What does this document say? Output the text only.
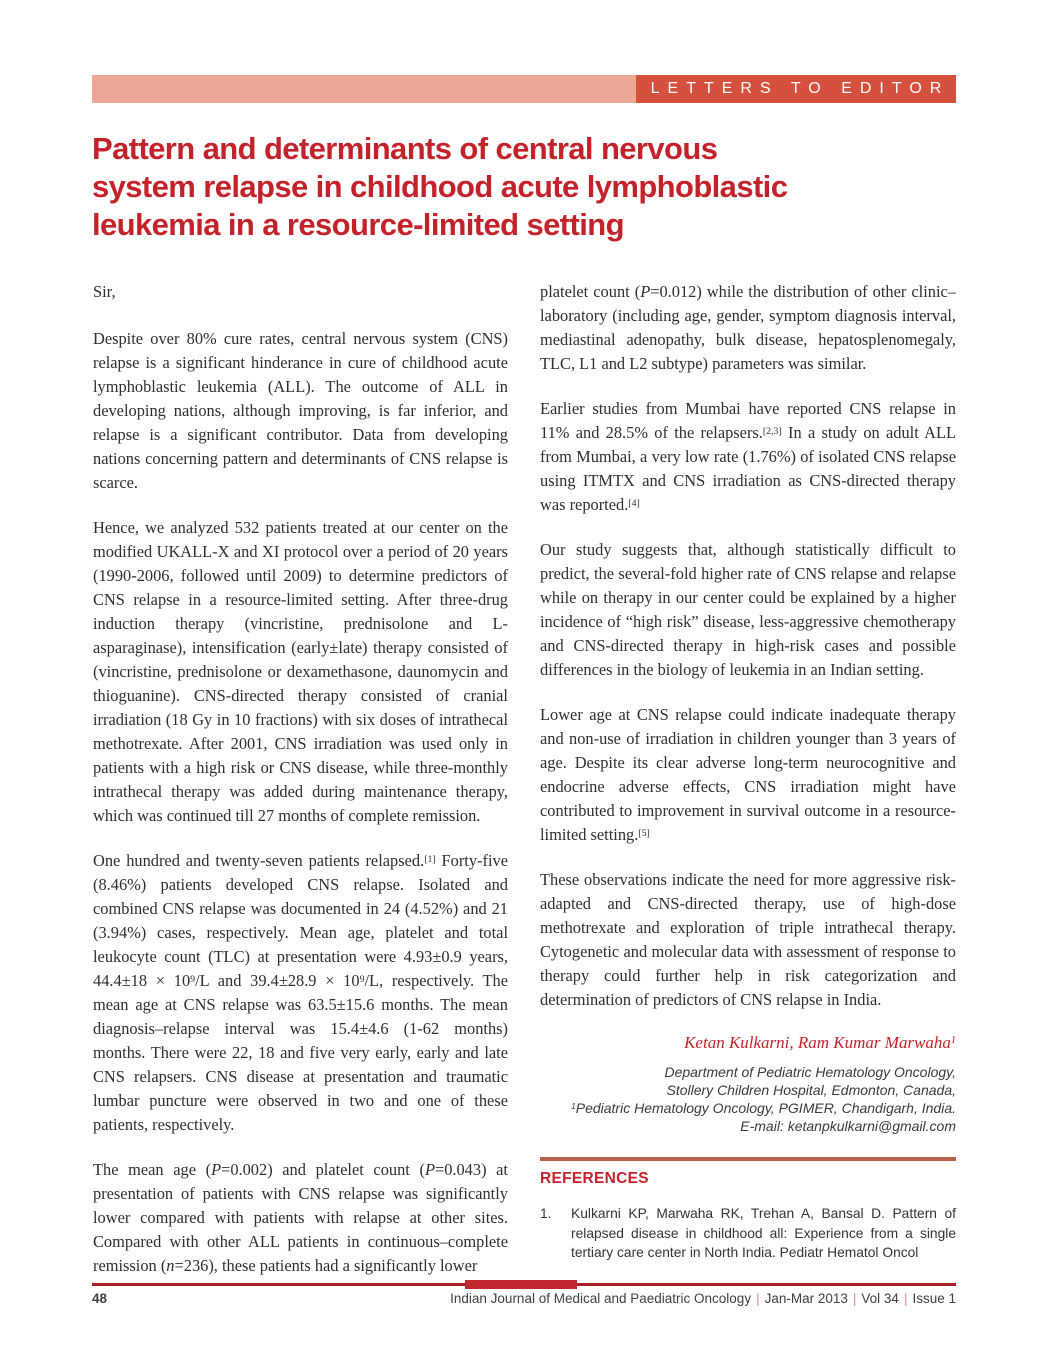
LETTERS TO EDITOR
Pattern and determinants of central nervous
system relapse in childhood acute lymphoblastic
leukemia in a resource-limited setting

Sir,

Despite over 80% cure rates, central nervous system (CNS) relapse is a significant hinderance in cure of childhood acute lymphoblastic leukemia (ALL). The outcome of ALL in developing nations, although improving, is far inferior, and relapse is a significant contributor. Data from developing nations concerning pattern and determinants of CNS relapse is scarce.

Hence, we analyzed 532 patients treated at our center on the modified UKALL-X and XI protocol over a period of 20 years (1990-2006, followed until 2009) to determine predictors of CNS relapse in a resource-limited setting. After three-drug induction therapy (vincristine, prednisolone and L-asparaginase), intensification (early±late) therapy consisted of (vincristine, prednisolone or dexamethasone, daunomycin and thioguanine). CNS-directed therapy consisted of cranial irradiation (18 Gy in 10 fractions) with six doses of intrathecal methotrexate. After 2001, CNS irradiation was used only in patients with a high risk or CNS disease, while three-monthly intrathecal therapy was added during maintenance therapy, which was continued till 27 months of complete remission.

One hundred and twenty-seven patients relapsed.[1] Forty-five (8.46%) patients developed CNS relapse. Isolated and combined CNS relapse was documented in 24 (4.52%) and 21 (3.94%) cases, respectively. Mean age, platelet and total leukocyte count (TLC) at presentation were 4.93±0.9 years, $44.4\pm 18 \times 10^9/L$ and $39.4\pm 28.9 \times 10^9/L$, respectively. The mean age at CNS relapse was 63.5±15.6 months. The mean diagnosis–relapse interval was 15.4±4.6 (1-62 months) months. There were 22, 18 and five very early, early and late CNS relapsers. CNS disease at presentation and traumatic lumbar puncture were observed in two and one of these patients, respectively.

The mean age (P=0.002) and platelet count (P=0.043) at presentation of patients with CNS relapse was significantly lower compared with patients with relapse at other sites. Compared with other ALL patients in continuous–complete remission (n=236), these patients had a significantly lower

platelet count (P=0.012) while the distribution of other clinic–laboratory (including age, gender, symptom diagnosis interval, mediastinal adenopathy, bulk disease, hepatosplenomegaly, TLC, L1 and L2 subtype) parameters was similar.

Earlier studies from Mumbai have reported CNS relapse in 11% and 28.5% of the relapsers.[2,3] In a study on adult ALL from Mumbai, a very low rate (1.76%) of isolated CNS relapse using ITMTX and CNS irradiation as CNS-directed therapy was reported.[4]

Our study suggests that, although statistically difficult to predict, the several-fold higher rate of CNS relapse and relapse while on therapy in our center could be explained by a higher incidence of “high risk” disease, less-aggressive chemotherapy and CNS-directed therapy in high-risk cases and possible differences in the biology of leukemia in an Indian setting.

Lower age at CNS relapse could indicate inadequate therapy and non-use of irradiation in children younger than 3 years of age. Despite its clear adverse long-term neurocognitive and endocrine adverse effects, CNS irradiation might have contributed to improvement in survival outcome in a resource-limited setting.[5]

These observations indicate the need for more aggressive risk-adapted and CNS-directed therapy, use of high-dose methotrexate and exploration of triple intrathecal therapy. Cytogenetic and molecular data with assessment of response to therapy could further help in risk categorization and determination of predictors of CNS relapse in India.

Ketan Kulkarni, Ram Kumar Marwaha$^1$
Department of Pediatric Hematology Oncology,
Stollery Children Hospital, Edmonton, Canada,
$^1$Pediatric Hematology Oncology, PGIMER, Chandigarh, India.
E-mail: ketanpkulkarni@gmail.com
REFERENCES
1.	Kulkarni KP, Marwaha RK, Trehan A, Bansal D. Pattern of relapsed disease in childhood all: Experience from a single tertiary care center in North India. Pediatr Hematol Oncol
48	Indian Journal of Medical and Paediatric Oncology | Jan-Mar 2013 | Vol 34 | Issue 1
